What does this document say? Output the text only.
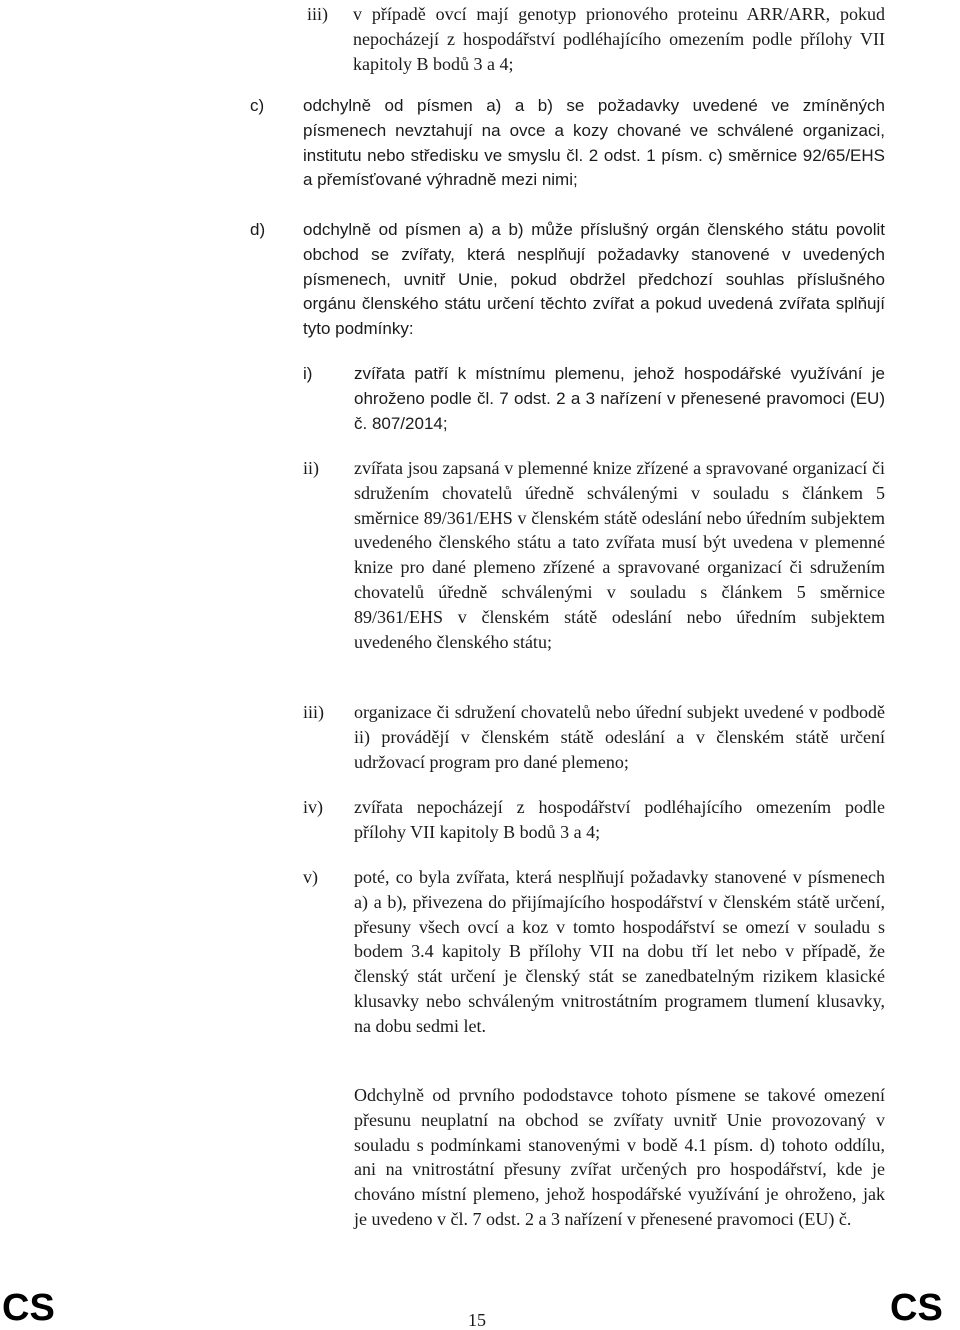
iii) v případě ovcí mají genotyp prionového proteinu ARR/ARR, pokud nepocházejí z hospodářství podléhajícího omezením podle přílohy VII kapitoly B bodů 3 a 4;
c) odchylně od písmen a) a b) se požadavky uvedené ve zmíněných písmenech nevztahují na ovce a kozy chované ve schválené organizaci, institutu nebo středisku ve smyslu čl. 2 odst. 1 písm. c) směrnice 92/65/EHS a přemísťované výhradně mezi nimi;
d) odchylně od písmen a) a b) může příslušný orgán členského státu povolit obchod se zvířaty, která nesplňují požadavky stanovené v uvedených písmenech, uvnitř Unie, pokud obdržel předchozí souhlas příslušného orgánu členského státu určení těchto zvířat a pokud uvedená zvířata splňují tyto podmínky:
i) zvířata patří k místnímu plemenu, jehož hospodářské využívání je ohroženo podle čl. 7 odst. 2 a 3 nařízení v přenesené pravomoci (EU) č. 807/2014;
ii) zvířata jsou zapsaná v plemenné knize zřízené a spravované organizací či sdružením chovatelů úředně schválenými v souladu s článkem 5 směrnice 89/361/EHS v členském státě odeslání nebo úředním subjektem uvedeného členského státu a tato zvířata musí být uvedena v plemenné knize pro dané plemeno zřízené a spravované organizací či sdružením chovatelů úředně schválenými v souladu s článkem 5 směrnice 89/361/EHS v členském státě odeslání nebo úředním subjektem uvedeného členského státu;
iii) organizace či sdružení chovatelů nebo úřední subjekt uvedené v podbodě ii) provádějí v členském státě odeslání a v členském státě určení udržovací program pro dané plemeno;
iv) zvířata nepocházejí z hospodářství podléhajícího omezením podle přílohy VII kapitoly B bodů 3 a 4;
v) poté, co byla zvířata, která nesplňují požadavky stanovené v písmenech a) a b), přivezena do přijímajícího hospodářství v členském státě určení, přesuny všech ovcí a koz v tomto hospodářství se omezí v souladu s bodem 3.4 kapitoly B přílohy VII na dobu tří let nebo v případě, že členský stát určení je členský stát se zanedbatelným rizikem klasické klusavky nebo schváleným vnitrostátním programem tlumení klusavky, na dobu sedmi let.
Odchylně od prvního pododstavce tohoto písmene se takové omezení přesunu neuplatní na obchod se zvířaty uvnitř Unie provozovaný v souladu s podmínkami stanovenými v bodě 4.1 písm. d) tohoto oddílu, ani na vnitrostátní přesuny zvířat určených pro hospodářství, kde je chováno místní plemeno, jehož hospodářské využívání je ohroženo, jak je uvedeno v čl. 7 odst. 2 a 3 nařízení v přenesené pravomoci (EU) č.
CS	15	CS
